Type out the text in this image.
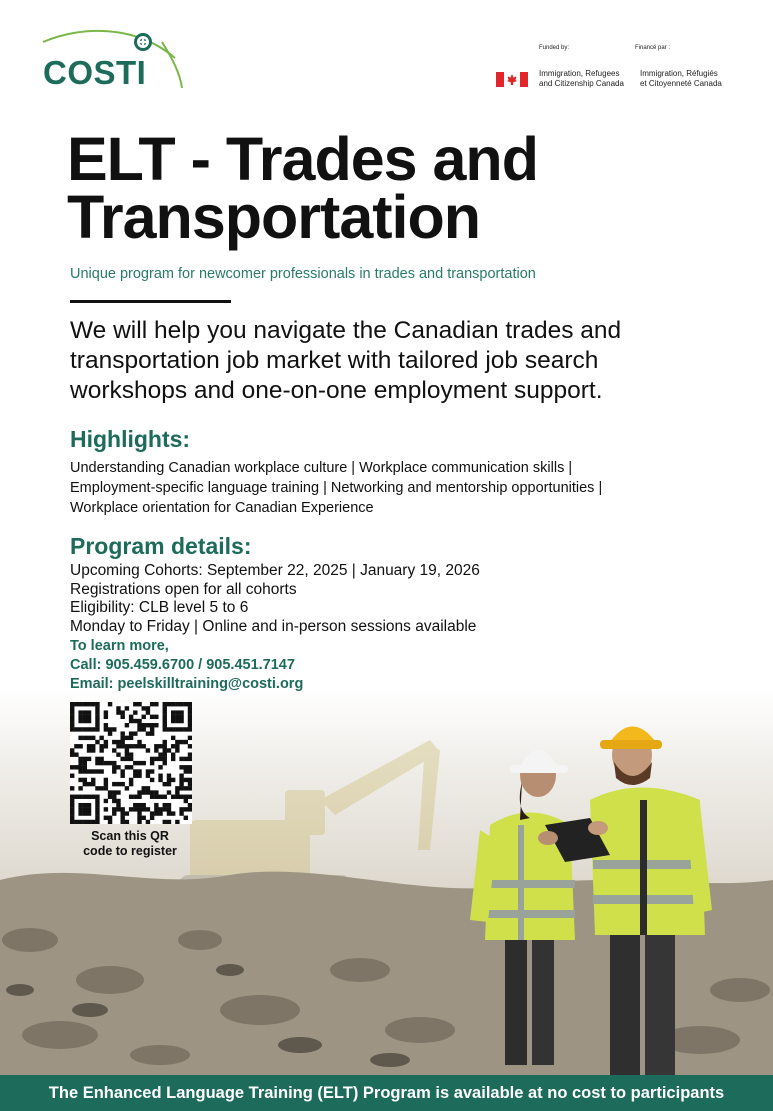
COSTI
Funded by:	Financé par :
Immigration, Refugees
and Citizenship Canada
Immigration, Réfugiés
et Citoyenneté Canada
ELT - Trades and
Transportation
Unique program for newcomer professionals in trades and transportation
We will help you navigate the Canadian trades and transportation job market with tailored job search workshops and one-on-one employment support.
Highlights:
Understanding Canadian workplace culture | Workplace communication skills |
Employment-specific language training | Networking and mentorship opportunities |
Workplace orientation for Canadian Experience
Program details:
Upcoming Cohorts: September 22, 2025 | January 19, 2026
Registrations open for all cohorts
Eligibility: CLB level 5 to 6
Monday to Friday | Online and in-person sessions available
To learn more,
Call: 905.459.6700 / 905.451.7147
Email: peelskilltraining@costi.org
Scan this QR
code to register
The Enhanced Language Training (ELT) Program is available at no cost to participants
